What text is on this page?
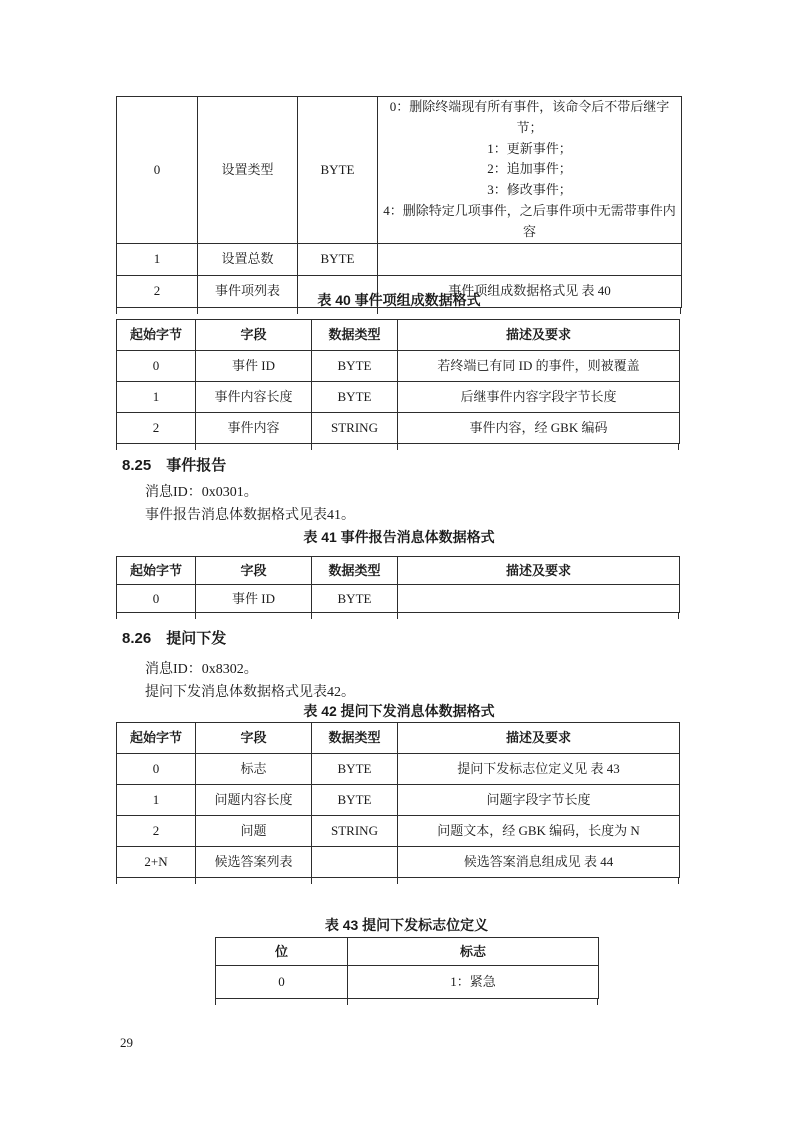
0	设置类型	BYTE	0：删除终端现有所有事件，该命令后不带后继字节；
1：更新事件；
2：追加事件；
3：修改事件；
4：删除特定几项事件，之后事件项中无需带事件内容

1	设置总数	BYTE	
2	事件项列表		事件项组成数据格式见 表 40
表 40 事件项组成数据格式
起始字节	字段	数据类型	描述及要求
0	事件 ID	BYTE	若终端已有同 ID 的事件，则被覆盖
1	事件内容长度	BYTE	后继事件内容字段字节长度
2	事件内容	STRING	事件内容，经 GBK 编码
8.25 事件报告
消息ID：0x0301。
事件报告消息体数据格式见表41。
表 41 事件报告消息体数据格式
起始字节	字段	数据类型	描述及要求
0	事件 ID	BYTE	
8.26 提问下发
消息ID：0x8302。
提问下发消息体数据格式见表42。
表 42 提问下发消息体数据格式
起始字节	字段	数据类型	描述及要求
0	标志	BYTE	提问下发标志位定义见 表 43
1	问题内容长度	BYTE	问题字段字节长度
2	问题	STRING	问题文本，经 GBK 编码，长度为 N
2+N	候选答案列表		候选答案消息组成见 表 44
表 43 提问下发标志位定义
位	标志
0	1：紧急
29
